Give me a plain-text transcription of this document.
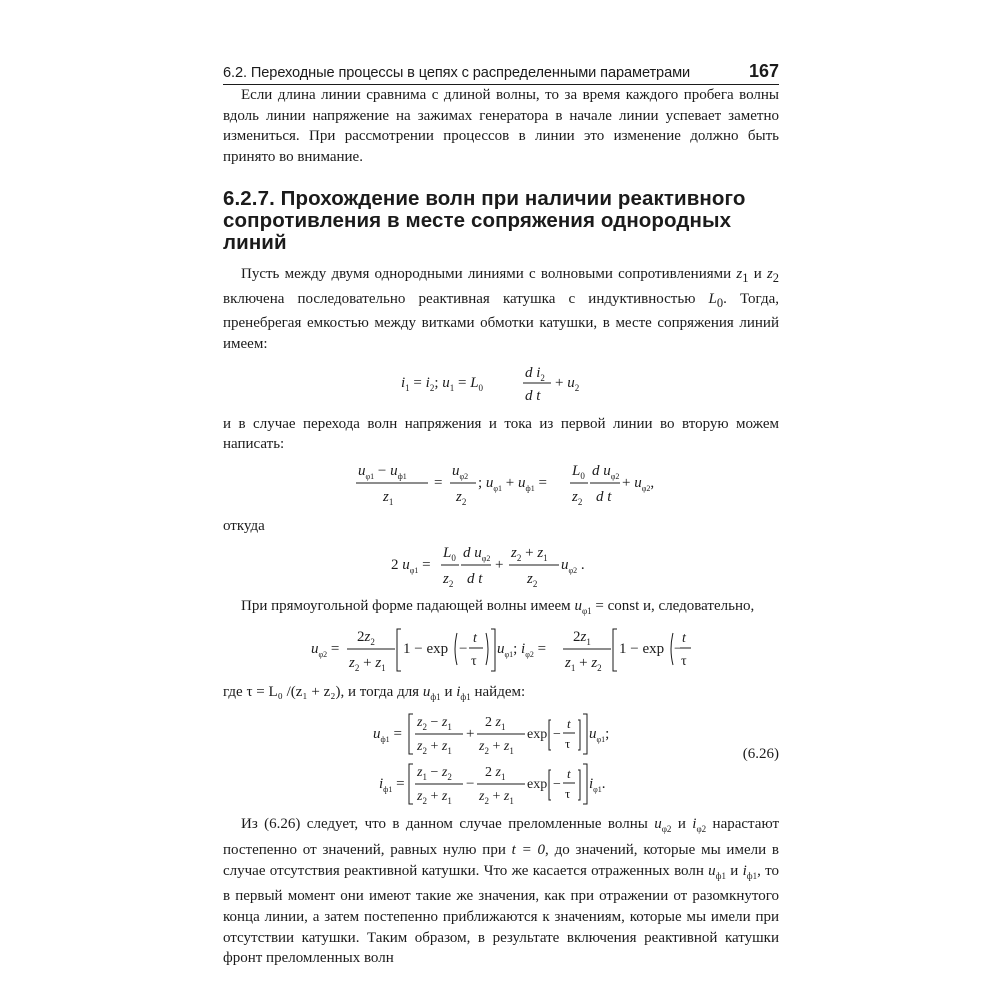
6.2. Переходные процессы в цепях с распределенными параметрами	167

Если длина линии сравнима с длиной волны, то за время каждого пробега волны вдоль линии напряжение на зажимах генератора в начале линии успевает заметно измениться. При рассмотрении процессов в линии это изменение должно быть принято во внимание.

6.2.7. Прохождение волн при наличии реактивного сопротивления в месте сопряжения однородных линий

Пусть между двумя однородными линиями с волновыми сопротивлениями $z_1$ и $z_2$ включена последовательно реактивная катушка с индуктивностью $L_0$. Тогда, пренебрегая емкостью между витками обмотки катушки, в месте сопряжения линий имеем:

$i_1 = i_2$; $u_1 = L_0$
d $i_2$
d t
+ $u_2$

и в случае перехода волн напряжения и тока из первой линии во вторую можем написать:

$u_{\varphi 1} - u_{ф1}$
$z_1$
=
$u_{\varphi 2}$
$z_2$
; $u_{\varphi 1} + u_{ф1}$ =
$L_0$
$z_2$
d $u_{\varphi 2}$
d t
+ $u_{\varphi 2}$,

откуда

2 $u_{\varphi 1}$ =
$L_0$
$z_2$
d $u_{\varphi 2}$
d t
+
$z_2 + z_1$
$z_2$
$u_{\varphi 2}$ .

При прямоугольной форме падающей волны имеем $u_{\varphi 1}$ = const и, следовательно,

$u_{\varphi 2}$ =
$2z_2$
$z_2 + z_1$
1 − exp −
t
τ
$u_{\varphi 1}$; $i_{\varphi 2}$ =
$2z_1$
$z_1 + z_2$
1 − exp −
t
τ

где τ = L₀ /(z₁ + z₂), и тогда для $u_{ф1}$ и $i_{ф1}$ найдем:

$u_{ф1}$ =
$z_2 - z_1$
$z_2 + z_1$
+
2 $z_1$
$z_2 + z_1$
exp −
t
τ
$u_{\varphi 1}$;
$i_{ф1}$ =
$z_1 - z_2$
$z_2 + z_1$
−
2 $z_1$
$z_2 + z_1$
exp −
t
τ
$i_{\varphi 1}$.
(6.26)

Из (6.26) следует, что в данном случае преломленные волны $u_{\varphi 2}$ и $i_{\varphi 2}$ нарастают постепенно от значений, равных нулю при t = 0, до значений, которые мы имели в случае отсутствия реактивной катушки. Что же касается отраженных волн $u_{ф1}$ и $i_{ф1}$, то в первый момент они имеют такие же значения, как при отражении от разомкнутого конца линии, а затем постепенно приближаются к значениям, которые мы имели при отсутствии катушки. Таким образом, в результате включения реактивной катушки фронт преломленных волн
